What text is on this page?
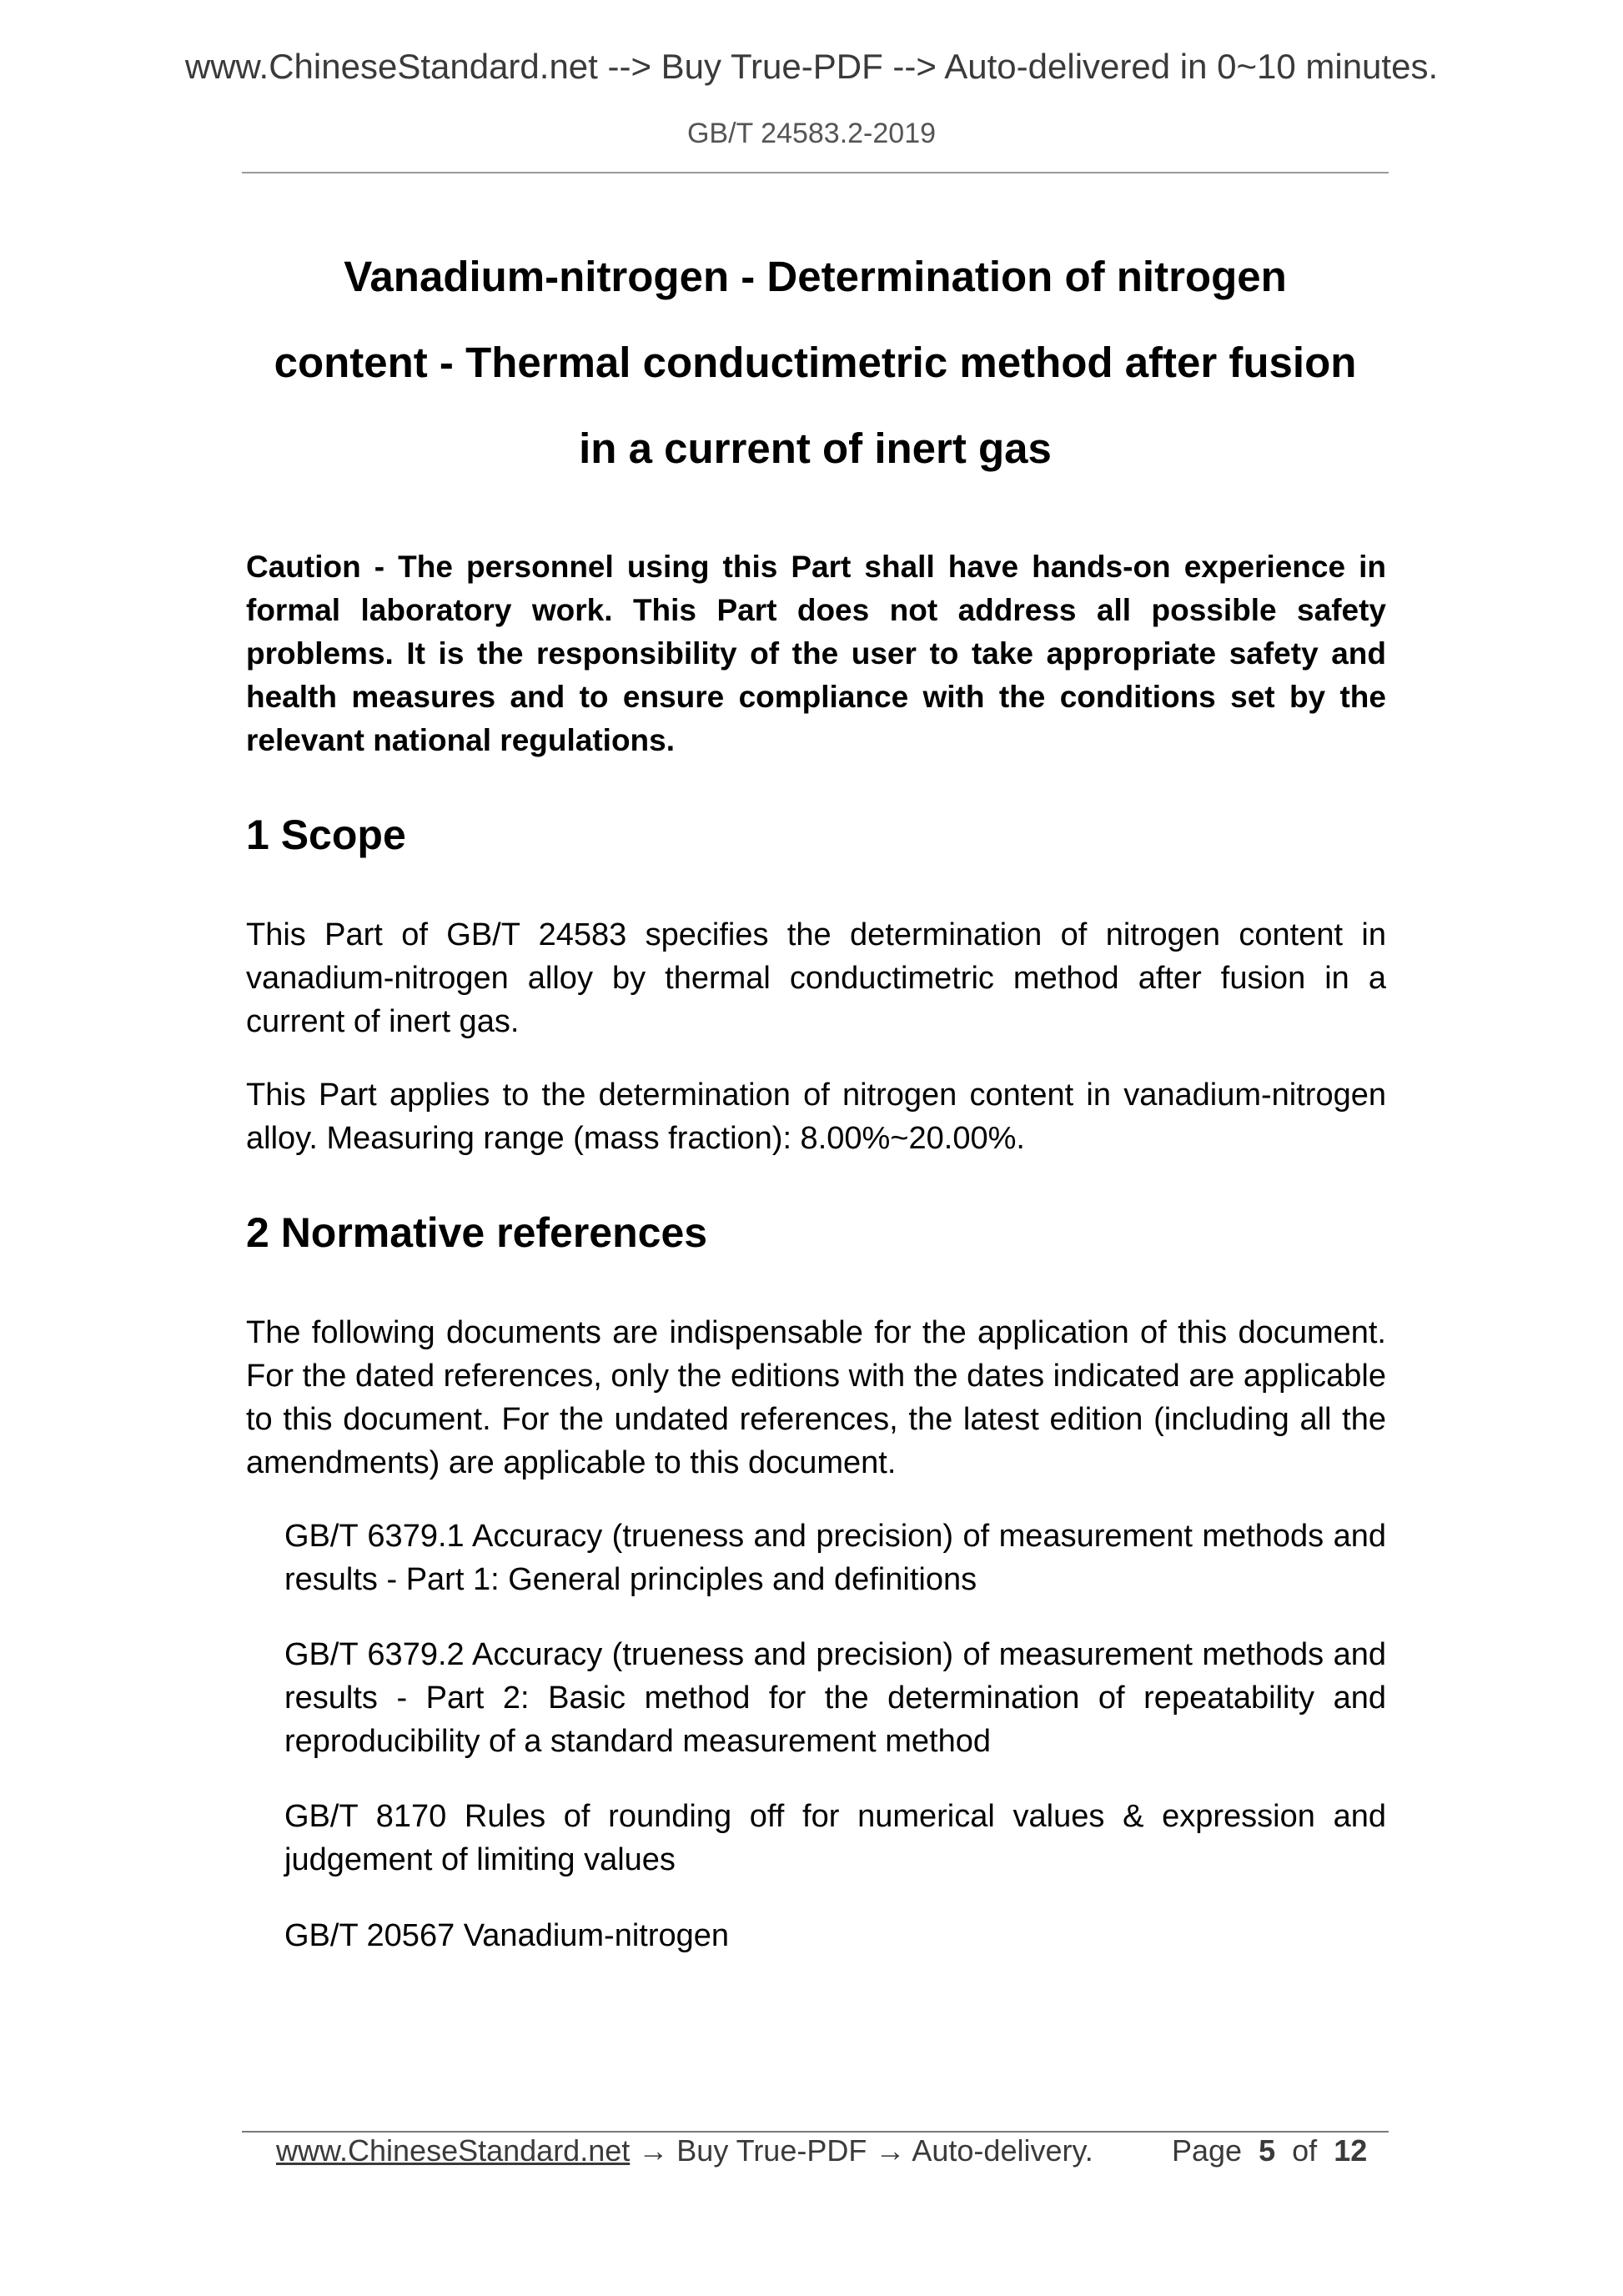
www.ChineseStandard.net --> Buy True-PDF --> Auto-delivered in 0~10 minutes.
GB/T 24583.2-2019
Vanadium-nitrogen - Determination of nitrogen
content - Thermal conductimetric method after fusion
in a current of inert gas
Caution - The personnel using this Part shall have hands-on experience in formal laboratory work. This Part does not address all possible safety problems. It is the responsibility of the user to take appropriate safety and health measures and to ensure compliance with the conditions set by the relevant national regulations.
1 Scope
This Part of GB/T 24583 specifies the determination of nitrogen content in vanadium-nitrogen alloy by thermal conductimetric method after fusion in a current of inert gas.
This Part applies to the determination of nitrogen content in vanadium-nitrogen alloy. Measuring range (mass fraction): 8.00%~20.00%.
2 Normative references
The following documents are indispensable for the application of this document. For the dated references, only the editions with the dates indicated are applicable to this document. For the undated references, the latest edition (including all the amendments) are applicable to this document.
GB/T 6379.1 Accuracy (trueness and precision) of measurement methods and results - Part 1: General principles and definitions
GB/T 6379.2 Accuracy (trueness and precision) of measurement methods and results - Part 2: Basic method for the determination of repeatability and reproducibility of a standard measurement method
GB/T 8170 Rules of rounding off for numerical values & expression and judgement of limiting values
GB/T 20567 Vanadium-nitrogen
www.ChineseStandard.net → Buy True-PDF → Auto-delivery.	Page 5 of 12
